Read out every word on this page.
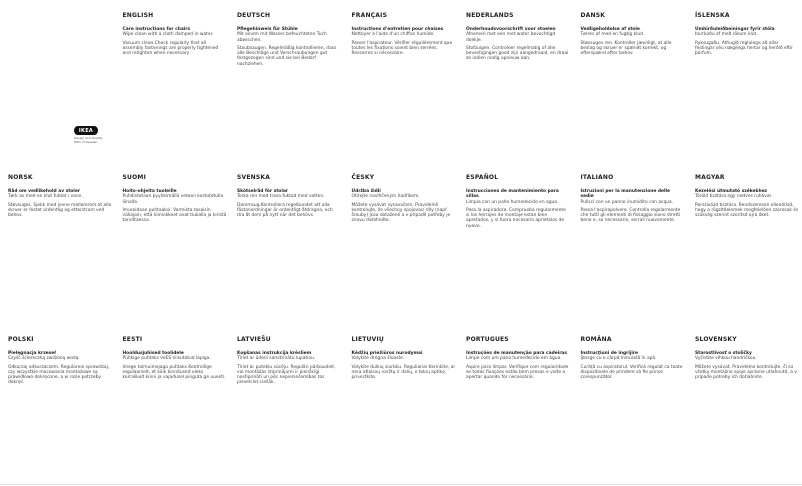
IKEA
Design and Quality
IKEA of Sweden
ENGLISH
Care instructions for chairs
Wipe clean with a cloth damped in water.
Vacuum clean.Check regularly that all assembly fastenings are properly tightened and retighten when necessary
DEUTSCH
Pflegehinweis für Stühle
Mit einem mit Wasser befeuchteten Tuch abwischen.
Staubsaugen. Regelmäßig kontrollieren, dass alle Beschläge und Verschraubungen gut festgezogen sind und sie bei Bedarf nachziehen.
FRANÇAIS
Instructions d'entretien pour chaises
Nettoyer à l'aide d'un chiffon humide.
Passer l'aspirateur. Vérifier régulièrement que toutes les fixations soient bien serrées. Resserrez si nécessaire.
NEDERLANDS
Onderhoudsvoorschrift voor stoelen
Afnemen met een met water bevochtigd doekje.
Stofzuigen. Controleer regelmatig of alle bevestigingen goed zijn aangedraaid, en draai ze indien nodig opnieuw aan.
DANSK
Vedligeholdelse af stole
Tørres af med en fugtig klud.
Støvsuges ren. Kontroller jævnligt, at alle beslag og skruer er spændt korrekt, og efterspænd efter behov.
ÍSLENSKA
Umhirðuleiðbeiningar fyrir stóla
Þurrkaðu af með rökum klút.
Ryksugaðu. Athugið reglulega að allar festingar séu nægilega hertar og herðið eftir þörfum.
NORSK
Råd om vedlikehold av stoler
Tørk av med en klut fuktet i vann.
Støvsuges. Sjekk med jevne mellomrom at alle skruer er festet ordentlig og etterstram ved behov.
SUOMI
Hoito-ohjeita tuoleille
Puhdistetaan pyyhkimällä veteen kostutetulla liinalla.
Imuroidaan puhtaaksi. Varmista tasaisin väliajoin, että kiinnikkeet ovat tiukalla ja kiristä tarvittaessa.
SVENSKA
Skötselråd för stolar
Torka ren med trasa fuktad med vatten.
Dammsug.Kontrollera regelbundet att alla fästanordningar är ordentligt åtdragna, och dra åt dem på nytt när det behövs.
ČESKY
Údržba židlí
Otírejte navlhčeným hadříkem.
Můžete vysávat vysavačem. Pravidelně kontrolujte, že všechny spojovací díly (např. šrouby) jsou dotažené a v případě potřeby je znovu dotáhněte.
ESPAÑOL
Instrucciones de mantenimiento para sillas
Limpia con un paño humedecido en agua.
Pasa la aspiradora. Comprueba regularmente si los herrajes de montaje están bien apretados, y si fuera necesario aprietalos de nuevo.
ITALIANO
Istruzioni per la manutenzione delle sedie
Pulisci con un panno inumidito con acqua.
Passa l'aspirapolvere. Controlla regolarmente che tutti gli elementi di fissaggio siano stretti bene e, se necessario, serrali nuovamente.
MAGYAR
Kezelési útmutató székekhez
Töröld tisztára egy nedves ruhával.
Porszívózd tisztára. Rendszeresen ellenőrizd, hogy a rögzítőelemek megfelelően szorosak és szükség szerint szorítsd újra őket.
POLSKI
Pielęgnacja krzeseł
Czyść ściereczką zwilżoną wodą.
Odkurzaj odkurzaczem. Regularnie sprawdzaj, czy wszystkie mocowania montażowe są prawidłowo dokręcone, a w razie potrzeby dokręć.
EESTI
Hooldusjuhised toolidele
Pühkige puhtaks veES niisutatud lapiga.
Imege tolmuimejaga puhtaks.Kontrollige regulaarselt, et kõik kinnitused oleks korralikult kinni ja vajadusel pinguta ge uuesti.
LATVIEŠU
Kopšanas instrukcija krēsliem
Tīriet ar ūdenī samitrinātu lupatiņu.
Tīriet ar putekļu sūcēju. Regulāri pārbaudiet, vai montāžas stiprinājumi ir pienācīgi nostiprināti un pēc nepieciešamības tos pievelciet ciešāk.
LIETUVIŲ
Kėdžių priežiūros nurodymai
Valykite drėgna šluoste.
Valykite dulkių siurbliu. Reguliariai tikrinkite, ar nėra atlaisvų varžtų ir dalių, o tokių aptikę, priveržkite.
PORTUGUES
Instruções de manutenção para cadeiras
Limpe com um pano humedecido em água.
Aspire para limpar. Verifique com regularidade se todas fixações estão bem presas e volte a apertar quando for necessário.
ROMÂNA
Instrucţiuni de îngrijire
Şterge cu o cârpă înmuiată în apă.
Curăţă cu aspiratorul. Verifică regulat ca toate dispozitivele de prindere să fie prinse corespunzător.
SLOVENSKY
Starostlivosť o stoličky
Vyčistite vlhkou handričkou.
Môžete vysávať. Pravidelne kontrolujte, či sú všetky montážne spoje správne utiahnuté, a v prípade potreby ich dotiahnite.
